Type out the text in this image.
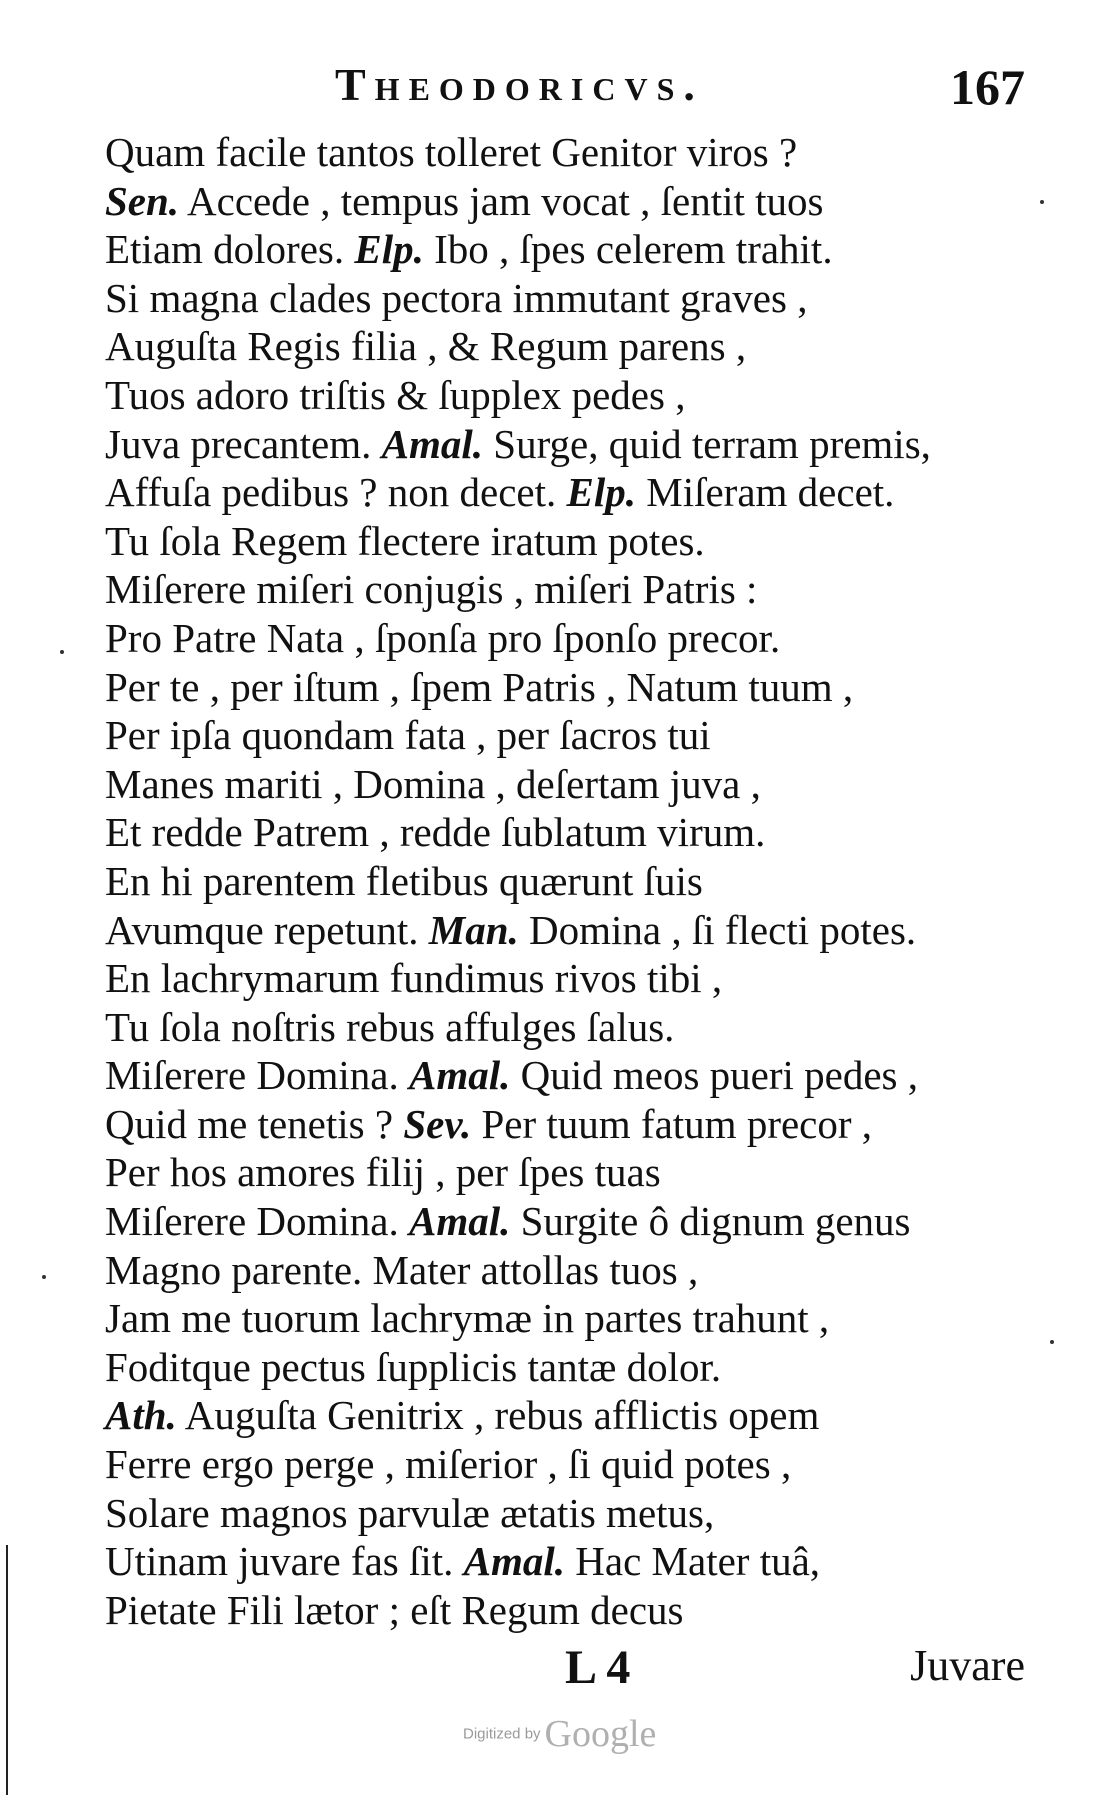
Theodoricvs.	167
Quam facile tantos tolleret Genitor viros ?
Sen. Accede , tempus jam vocat , ſentit tuos
Etiam dolores. Elp. Ibo , ſpes celerem trahit.
Si magna clades pectora immutant graves ,
Auguſta Regis filia , & Regum parens ,
Tuos adoro triſtis & ſupplex pedes ,
Juva precantem. Amal. Surge, quid terram premis,
Affuſa pedibus ? non decet. Elp. Miſeram decet.
Tu ſola Regem flectere iratum potes.
Miſerere miſeri conjugis , miſeri Patris :
Pro Patre Nata , ſponſa pro ſponſo precor.
Per te , per iſtum , ſpem Patris , Natum tuum ,
Per ipſa quondam fata , per ſacros tui
Manes mariti , Domina , deſertam juva ,
Et redde Patrem , redde ſublatum virum.
En hi parentem fletibus quærunt ſuis
Avumque repetunt. Man. Domina , ſi flecti potes.
En lachrymarum fundimus rivos tibi ,
Tu ſola noſtris rebus affulges ſalus.
Miſerere Domina. Amal. Quid meos pueri pedes ,
Quid me tenetis ? Sev. Per tuum fatum precor ,
Per hos amores filij , per ſpes tuas
Miſerere Domina. Amal. Surgite ô dignum genus
Magno parente. Mater attollas tuos ,
Jam me tuorum lachrymæ in partes trahunt ,
Foditque pectus ſupplicis tantæ dolor.
Ath. Auguſta Genitrix , rebus afflictis opem
Ferre ergo perge , miſerior , ſi quid potes ,
Solare magnos parvulæ ætatis metus,
Utinam juvare fas ſit. Amal. Hac Mater tuâ,
Pietate Fili lætor ; eſt Regum decus
L 4	Juvare
Digitized by Google
